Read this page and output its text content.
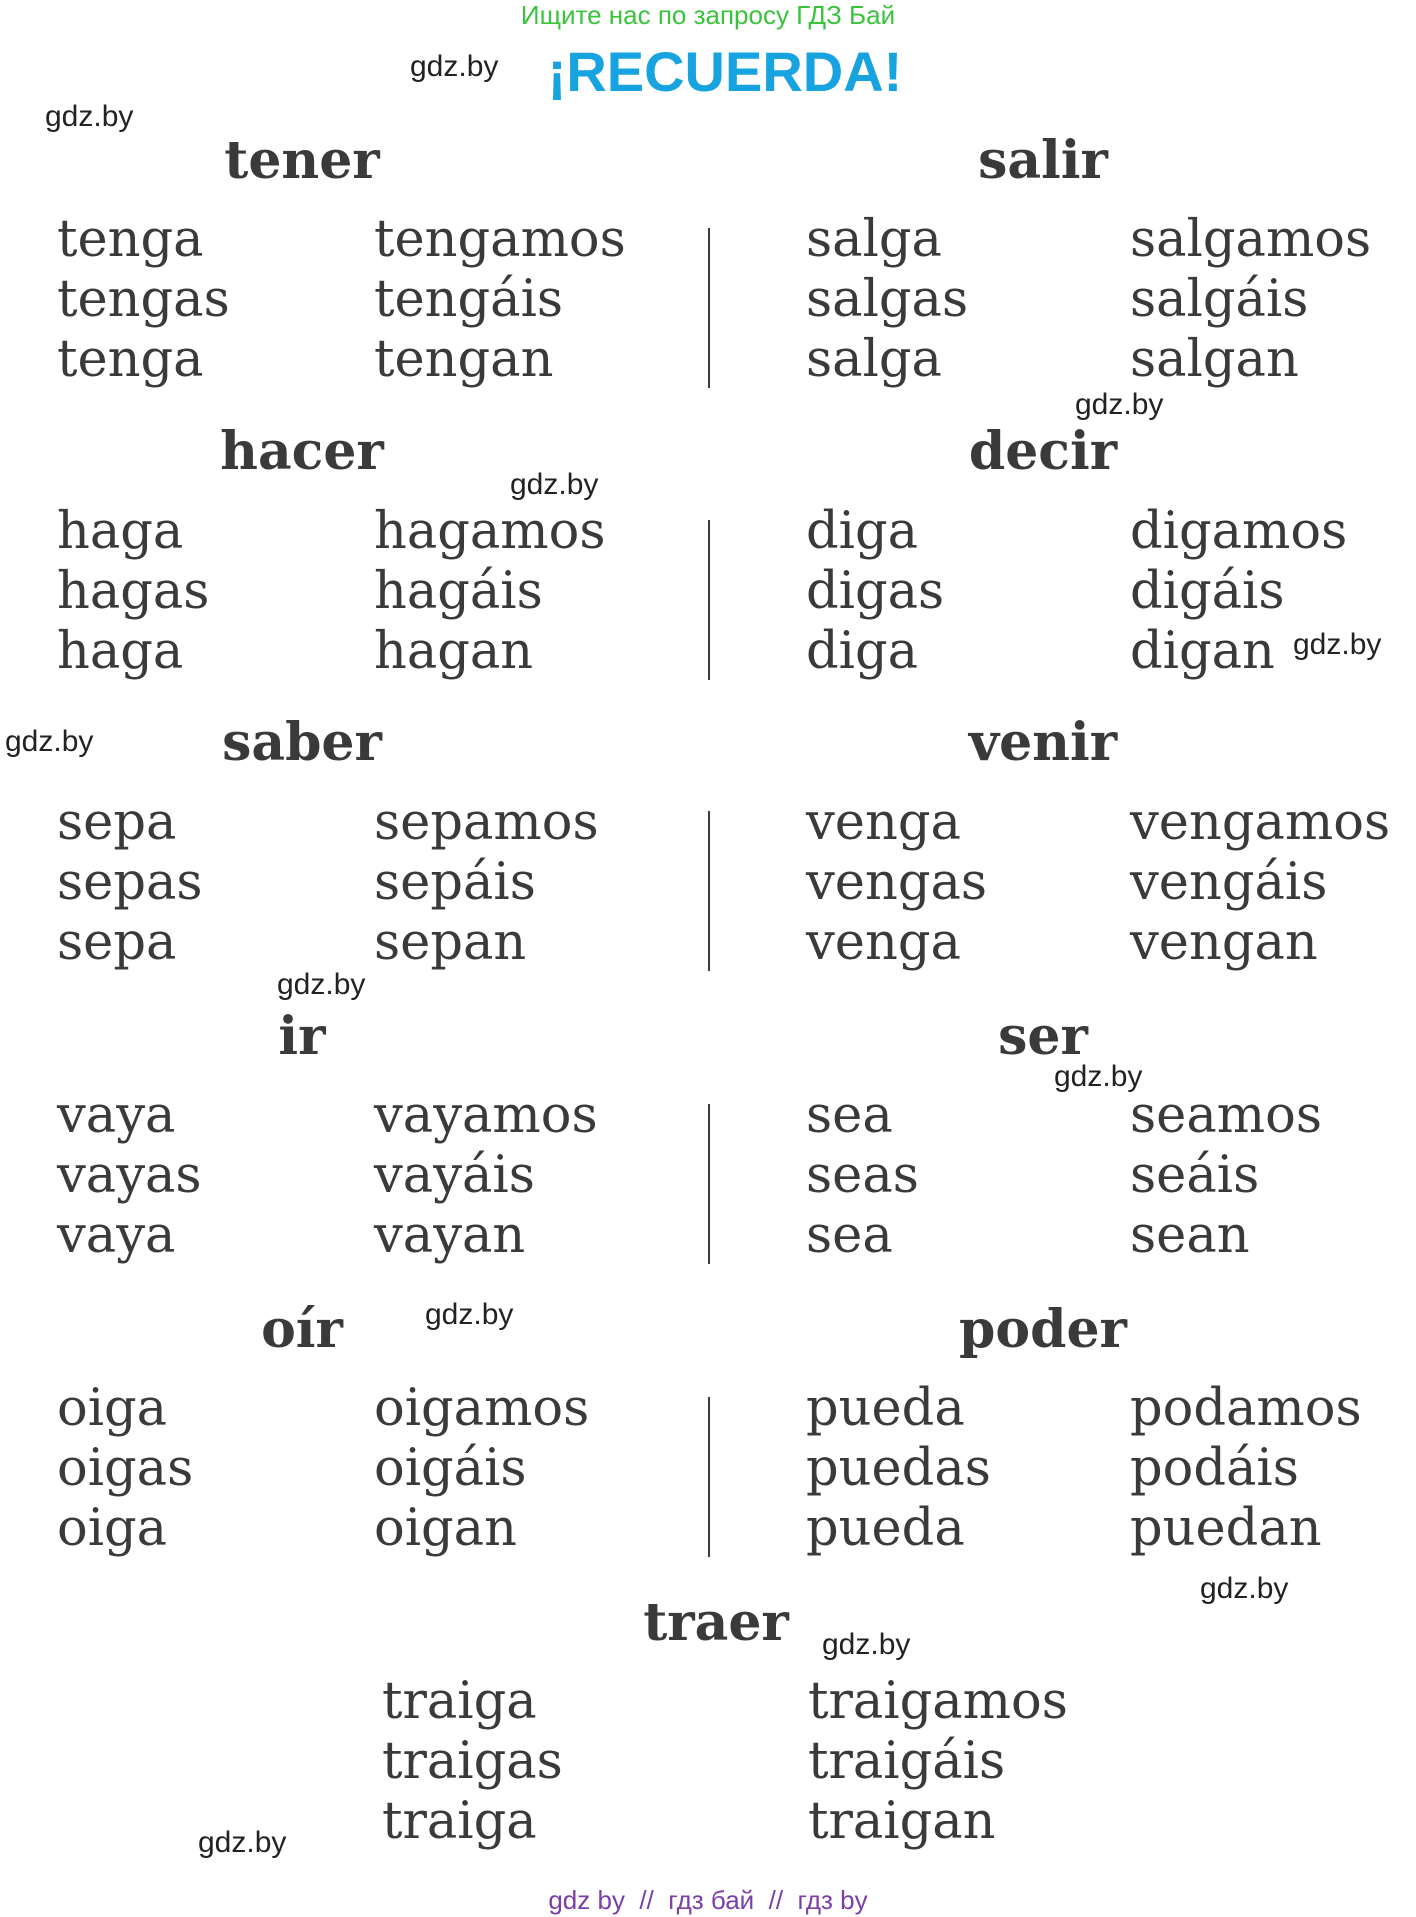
Ищите нас по запросу ГДЗ Бай
¡RECUERDA!
gdz.by
gdz.by
gdz.by
gdz.by
gdz.by
gdz.by
gdz.by
gdz.by
gdz.by
gdz.by
gdz.by
gdz.by
tener
tenga
tengas
tenga
tengamos
tengáis
tengan
salir
salga
salgas
salga
salgamos
salgáis
salgan
hacer
haga
hagas
haga
hagamos
hagáis
hagan
decir
diga
digas
diga
digamos
digáis
digan
saber
sepa
sepas
sepa
sepamos
sepáis
sepan
venir
venga
vengas
venga
vengamos
vengáis
vengan
ir
vaya
vayas
vaya
vayamos
vayáis
vayan
ser
sea
seas
sea
seamos
seáis
sean
oír
oiga
oigas
oiga
oigamos
oigáis
oigan
poder
pueda
puedas
pueda
podamos
podáis
puedan
traer
traiga
traigas
traiga
traigamos
traigáis
traigan
gdz by  //  гдз бай  //  гдз by
